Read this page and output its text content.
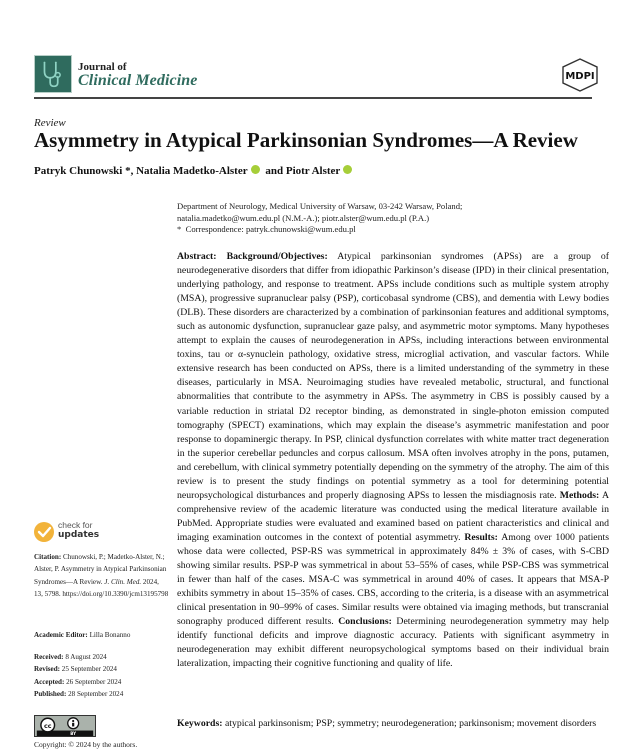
Journal of
Clinical Medicine	MDPI
Review
Asymmetry in Atypical Parkinsonian Syndromes—A Review
Patryk Chunowski *, Natalia Madetko-Alster and Piotr Alster
Department of Neurology, Medical University of Warsaw, 03-242 Warsaw, Poland;
natalia.madetko@wum.edu.pl (N.M.-A.); piotr.alster@wum.edu.pl (P.A.)
* Correspondence: patryk.chunowski@wum.edu.pl
Abstract: Background/Objectives: Atypical parkinsonian syndromes (APSs) are a group of neurodegenerative disorders that differ from idiopathic Parkinson’s disease (IPD) in their clinical presentation, underlying pathology, and response to treatment. APSs include conditions such as multiple system atrophy (MSA), progressive supranuclear palsy (PSP), corticobasal syndrome (CBS), and dementia with Lewy bodies (DLB). These disorders are characterized by a combination of parkinsonian features and additional symptoms, such as autonomic dysfunction, supranuclear gaze palsy, and asymmetric motor symptoms. Many hypotheses attempt to explain the causes of neurodegeneration in APSs, including interactions between environmental toxins, tau or α-synuclein pathology, oxidative stress, microglial activation, and vascular factors. While extensive research has been conducted on APSs, there is a limited understanding of the symmetry in these diseases, particularly in MSA. Neuroimaging studies have revealed metabolic, structural, and functional abnormalities that contribute to the asymmetry in APSs. The asymmetry in CBS is possibly caused by a variable reduction in striatal D2 receptor binding, as demonstrated in single-photon emission computed tomography (SPECT) examinations, which may explain the disease’s asymmetric manifestation and poor response to dopaminergic therapy. In PSP, clinical dysfunction correlates with white matter tract degeneration in the superior cerebellar peduncles and corpus callosum. MSA often involves atrophy in the pons, putamen, and cerebellum, with clinical symmetry potentially depending on the symmetry of the atrophy. The aim of this review is to present the study findings on potential symmetry as a tool for determining potential neuropsychological disturbances and properly diagnosing APSs to lessen the misdiagnosis rate. Methods: A comprehensive review of the academic literature was conducted using the medical literature available in PubMed. Appropriate studies were evaluated and examined based on patient characteristics and clinical and imaging examination outcomes in the context of potential asymmetry. Results: Among over 1000 patients whose data were collected, PSP-RS was symmetrical in approximately 84% ± 3% of cases, with S-CBD showing similar results. PSP-P was symmetrical in about 53–55% of cases, while PSP-CBS was symmetrical in fewer than half of the cases. MSA-C was symmetrical in around 40% of cases. It appears that MSA-P exhibits symmetry in about 15–35% of cases. CBS, according to the criteria, is a disease with an asymmetrical clinical presentation in 90–99% of cases. Similar results were obtained via imaging methods, but transcranial sonography produced different results. Conclusions: Determining neurodegeneration symmetry may help identify functional deficits and improve diagnostic accuracy. Patients with significant asymmetry in neurodegeneration may exhibit different neuropsychological symptoms based on their individual brain lateralization, impacting their cognitive functioning and quality of life.
Keywords: atypical parkinsonism; PSP; symmetry; neurodegeneration; parkinsonism; movement disorders
check for
updates
Citation: Chunowski, P.; Madetko-Alster, N.; Alster, P. Asymmetry in Atypical Parkinsonian Syndromes—A Review. J. Clin. Med. 2024, 13, 5798. https://doi.org/10.3390/jcm13195798
Academic Editor: Lilla Bonanno
Received: 8 August 2024
Revised: 25 September 2024
Accepted: 26 September 2024
Published: 28 September 2024
cc
BY
Copyright: © 2024 by the authors.
